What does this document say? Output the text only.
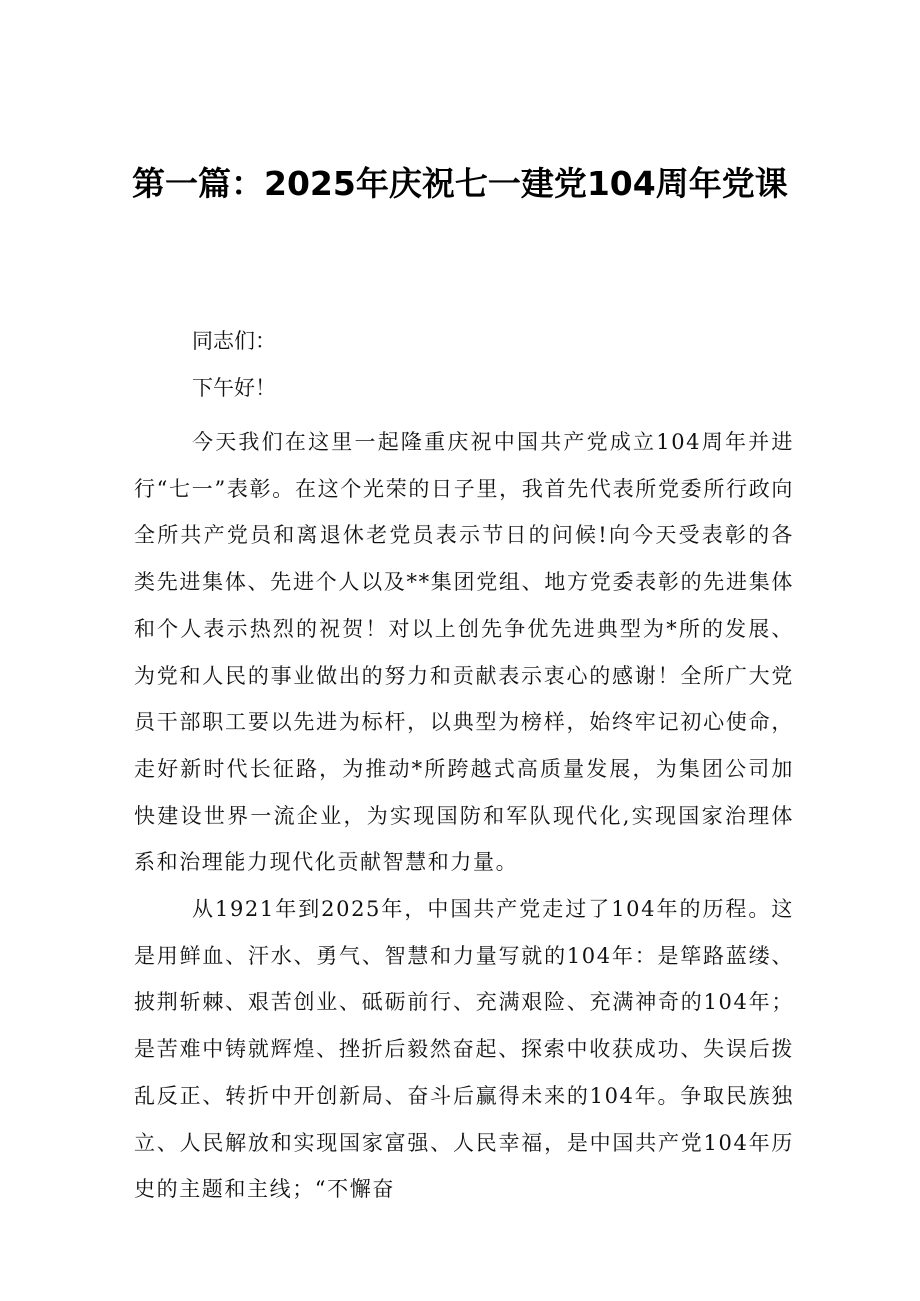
第一篇：2025年庆祝七一建党104周年党课
同志们：
下午好！

今天我们在这里一起隆重庆祝中国共产党成立104周年并进行“七一”表彰。在这个光荣的日子里，我首先代表所党委所行政向全所共产党员和离退休老党员表示节日的问候!向今天受表彰的各类先进集体、先进个人以及**集团党组、地方党委表彰的先进集体和个人表示热烈的祝贺！对以上创先争优先进典型为*所的发展、为党和人民的事业做出的努力和贡献表示衷心的感谢！全所广大党员干部职工要以先进为标杆，以典型为榜样，始终牢记初心使命，走好新时代长征路，为推动*所跨越式高质量发展，为集团公司加快建设世界一流企业，为实现国防和军队现代化,实现国家治理体系和治理能力现代化贡献智慧和力量。

从1921年到2025年，中国共产党走过了104年的历程。这是用鲜血、汗水、勇气、智慧和力量写就的104年：是筚路蓝缕、披荆斩棘、艰苦创业、砥砺前行、充满艰险、充满神奇的104年；是苦难中铸就辉煌、挫折后毅然奋起、探索中收获成功、失误后拨乱反正、转折中开创新局、奋斗后赢得未来的104年。争取民族独立、人民解放和实现国家富强、人民幸福，是中国共产党104年历史的主题和主线；“不懈奋
